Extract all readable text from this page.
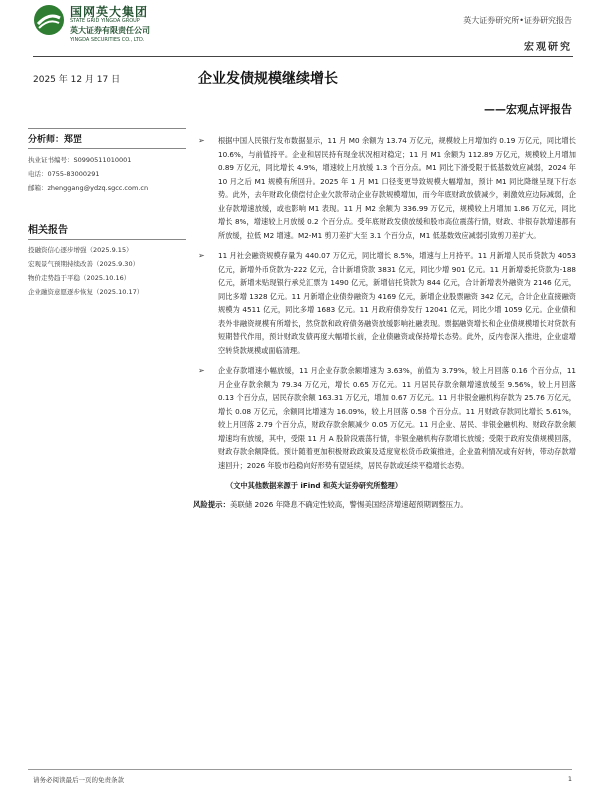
国网英大集团
STATE GRID YINGDA GROUP
英大证券有限责任公司
YINGDA SECURITIES CO., LTD.
英大证券研究所•证券研究报告
宏观研究
2025 年 12 月 17 日	企业发债规模继续增长
——宏观点评报告
分析师：郑罡
执业证书编号：S0990511010001
电话：0755-83000291
邮箱：zhenggang@ydzq.sgcc.com.cn
相关报告
投融资信心逐步增强（2025.9.15）
宏观景气预期持续改善（2025.9.30）
物价走势趋于平稳（2025.10.16）
企业融资意愿逐步恢复（2025.10.17）
➢ 根据中国人民银行发布数据显示，11 月 M0 余额为 13.74 万亿元，规模较上月增加约 0.19 万亿元，同比增长 10.6%，与前值持平。企业和居民持有现金状况相对稳定；11 月 M1 余额为 112.89 万亿元，规模较上月增加 0.89 万亿元，同比增长 4.9%，增速较上月放缓 1.3 个百分点。M1 同比下滑受限于低基数效应减弱，2024 年 10 月之后 M1 规模有所回升。2025 年 1 月 M1 口径变更导致规模大幅增加，预计 M1 同比降继呈现下行态势。此外，去年财政化债偿付企业欠款带动企业存款规模增加，而今年底财政放债减少，刺激效应边际减弱，企业存款增速放缓，或也影响 M1 表现。11 月 M2 余额为 336.99 万亿元，规模较上月增加 1.86 万亿元，同比增长 8%，增速较上月放缓 0.2 个百分点。受年底财政发债放缓和股市高位震荡行情，财政、非银存款增速都有所放缓，拉低 M2 增速。M2-M1 剪刀差扩大至 3.1 个百分点，M1 低基数效应减弱引致剪刀差扩大。
➢ 11 月社会融资规模存量为 440.07 万亿元，同比增长 8.5%，增速与上月持平。11 月新增人民币贷款为 4053 亿元，新增外币贷款为-222 亿元，合计新增贷款 3831 亿元，同比少增 901 亿元。11 月新增委托贷款为-188 亿元，新增未贴现银行承兑汇票为 1490 亿元，新增信托贷款为 844 亿元，合计新增表外融资为 2146 亿元，同比多增 1328 亿元。11 月新增企业债券融资为 4169 亿元，新增企业股票融资 342 亿元，合计企业直接融资规模为 4511 亿元，同比多增 1683 亿元。11 月政府债券发行 12041 亿元，同比少增 1059 亿元。企业债和表外非融资规模有所增长，然贷款和政府债务融资放缓影响社融表现。票据融资增长和企业债规模增长对贷款有短期替代作用，预计财政发债再度大幅增长前，企业债融资或保持增长态势。此外，反内卷深入推进，企业虚增空转贷款规模或面临清理。
➢ 企业存款增速小幅放缓，11 月企业存款余额增速为 3.63%，前值为 3.79%，较上月回落 0.16 个百分点，11 月企业存款余额为 79.34 万亿元，增长 0.65 万亿元。11 月居民存款余额增速放缓至 9.56%，较上月回落 0.13 个百分点，居民存款余额 163.31 万亿元，增加 0.67 万亿元。11 月非银金融机构存款为 25.76 万亿元，增长 0.08 万亿元，余额同比增速为 16.09%，较上月回落 0.58 个百分点。11 月财政存款同比增长 5.61%，较上月回落 2.79 个百分点，财政存款余额减少 0.05 万亿元。11 月企业、居民、非银金融机构、财政存款余额增速均有放缓，其中，受限 11 月 A 股阶段震荡行情，非银金融机构存款增长放缓；受限于政府发债规模回落，财政存款余额降低。预计随着更加积极财政政策及适度宽松货币政策推进，企业盈利情况或有好转，带动存款增速回升；2026 年股市趋稳向好形势有望延续，居民存款或延续平稳增长态势。
（文中其他数据来源于 iFind 和英大证券研究所整理）
风险提示：美联储 2026 年降息不确定性较高，警惕美国经济增速超预期调整压力。
请务必阅读最后一页的免责条款	1
